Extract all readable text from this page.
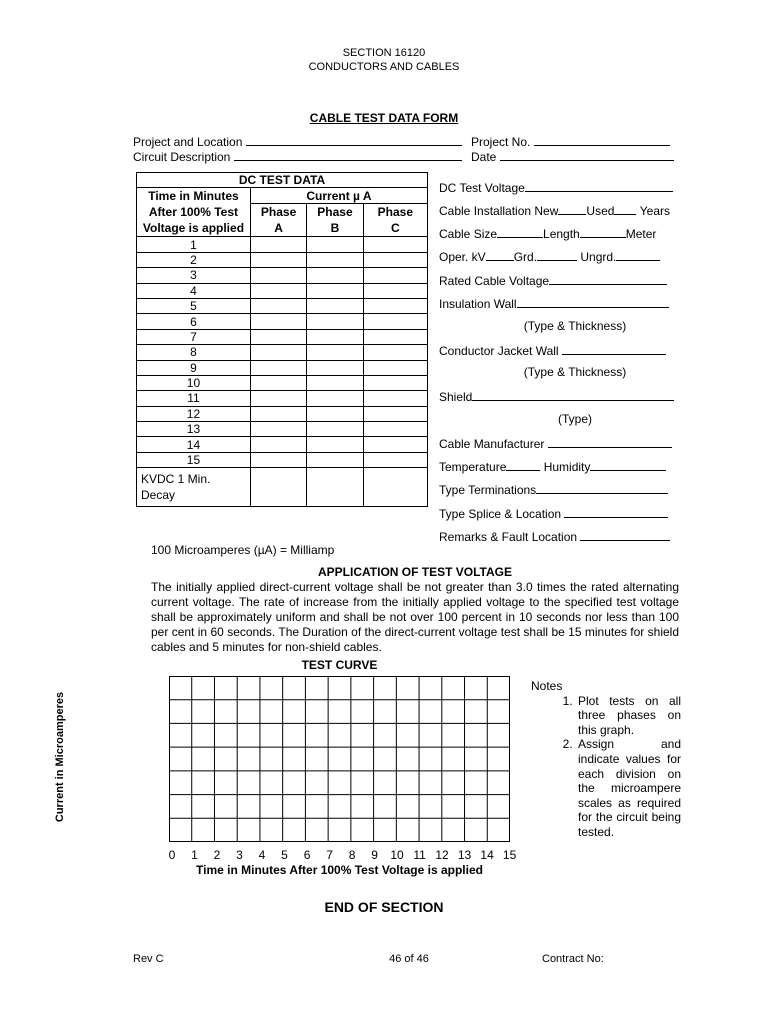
SECTION 16120
CONDUCTORS AND CABLES
CABLE TEST DATA FORM
Project and Location	Project No.
Circuit Description	Date
DC TEST DATA			
Time in Minutes After 100% Test Voltage is applied	Current µ A		
	Phase A	Phase B	Phase C

1			
2			
3			
4			
5			
6			
7			
8			
9			
10			
11			
12			
13			
14			
15			
KVDC 1 Min. Decay			
DC Test Voltage
Cable Installation New Used Years
Cable Size	Length	Meter
Oper. kV Grd.	Ungrd.
Rated Cable Voltage
Insulation Wall
(Type & Thickness)
Conductor Jacket Wall
(Type & Thickness)
Shield
(Type)
Cable Manufacturer
Temperature	Humidity
Type Terminations
Type Splice & Location
Remarks & Fault Location
100 Microamperes (µA) = Milliamp
APPLICATION OF TEST VOLTAGE
The initially applied direct-current voltage shall be not greater than 3.0 times the rated alternating current voltage. The rate of increase from the initially applied voltage to the specified test voltage shall be approximately uniform and shall be not over 100 percent in 10 seconds nor less than 100 per cent in 60 seconds. The Duration of the direct-current voltage test shall be 15 minutes for shield cables and 5 minutes for non-shield cables.
TEST CURVE
Current in Microamperes
0 1 2 3 4 5 6 7 8 9 10 11 12 13 14 15
Time in Minutes After 100% Test Voltage is applied
Notes
1. Plot tests on all three phases on this graph.
2. Assign and indicate values for each division on the microampere scales as required for the circuit being tested.
END OF SECTION
Rev C	46 of 46	Contract No:
